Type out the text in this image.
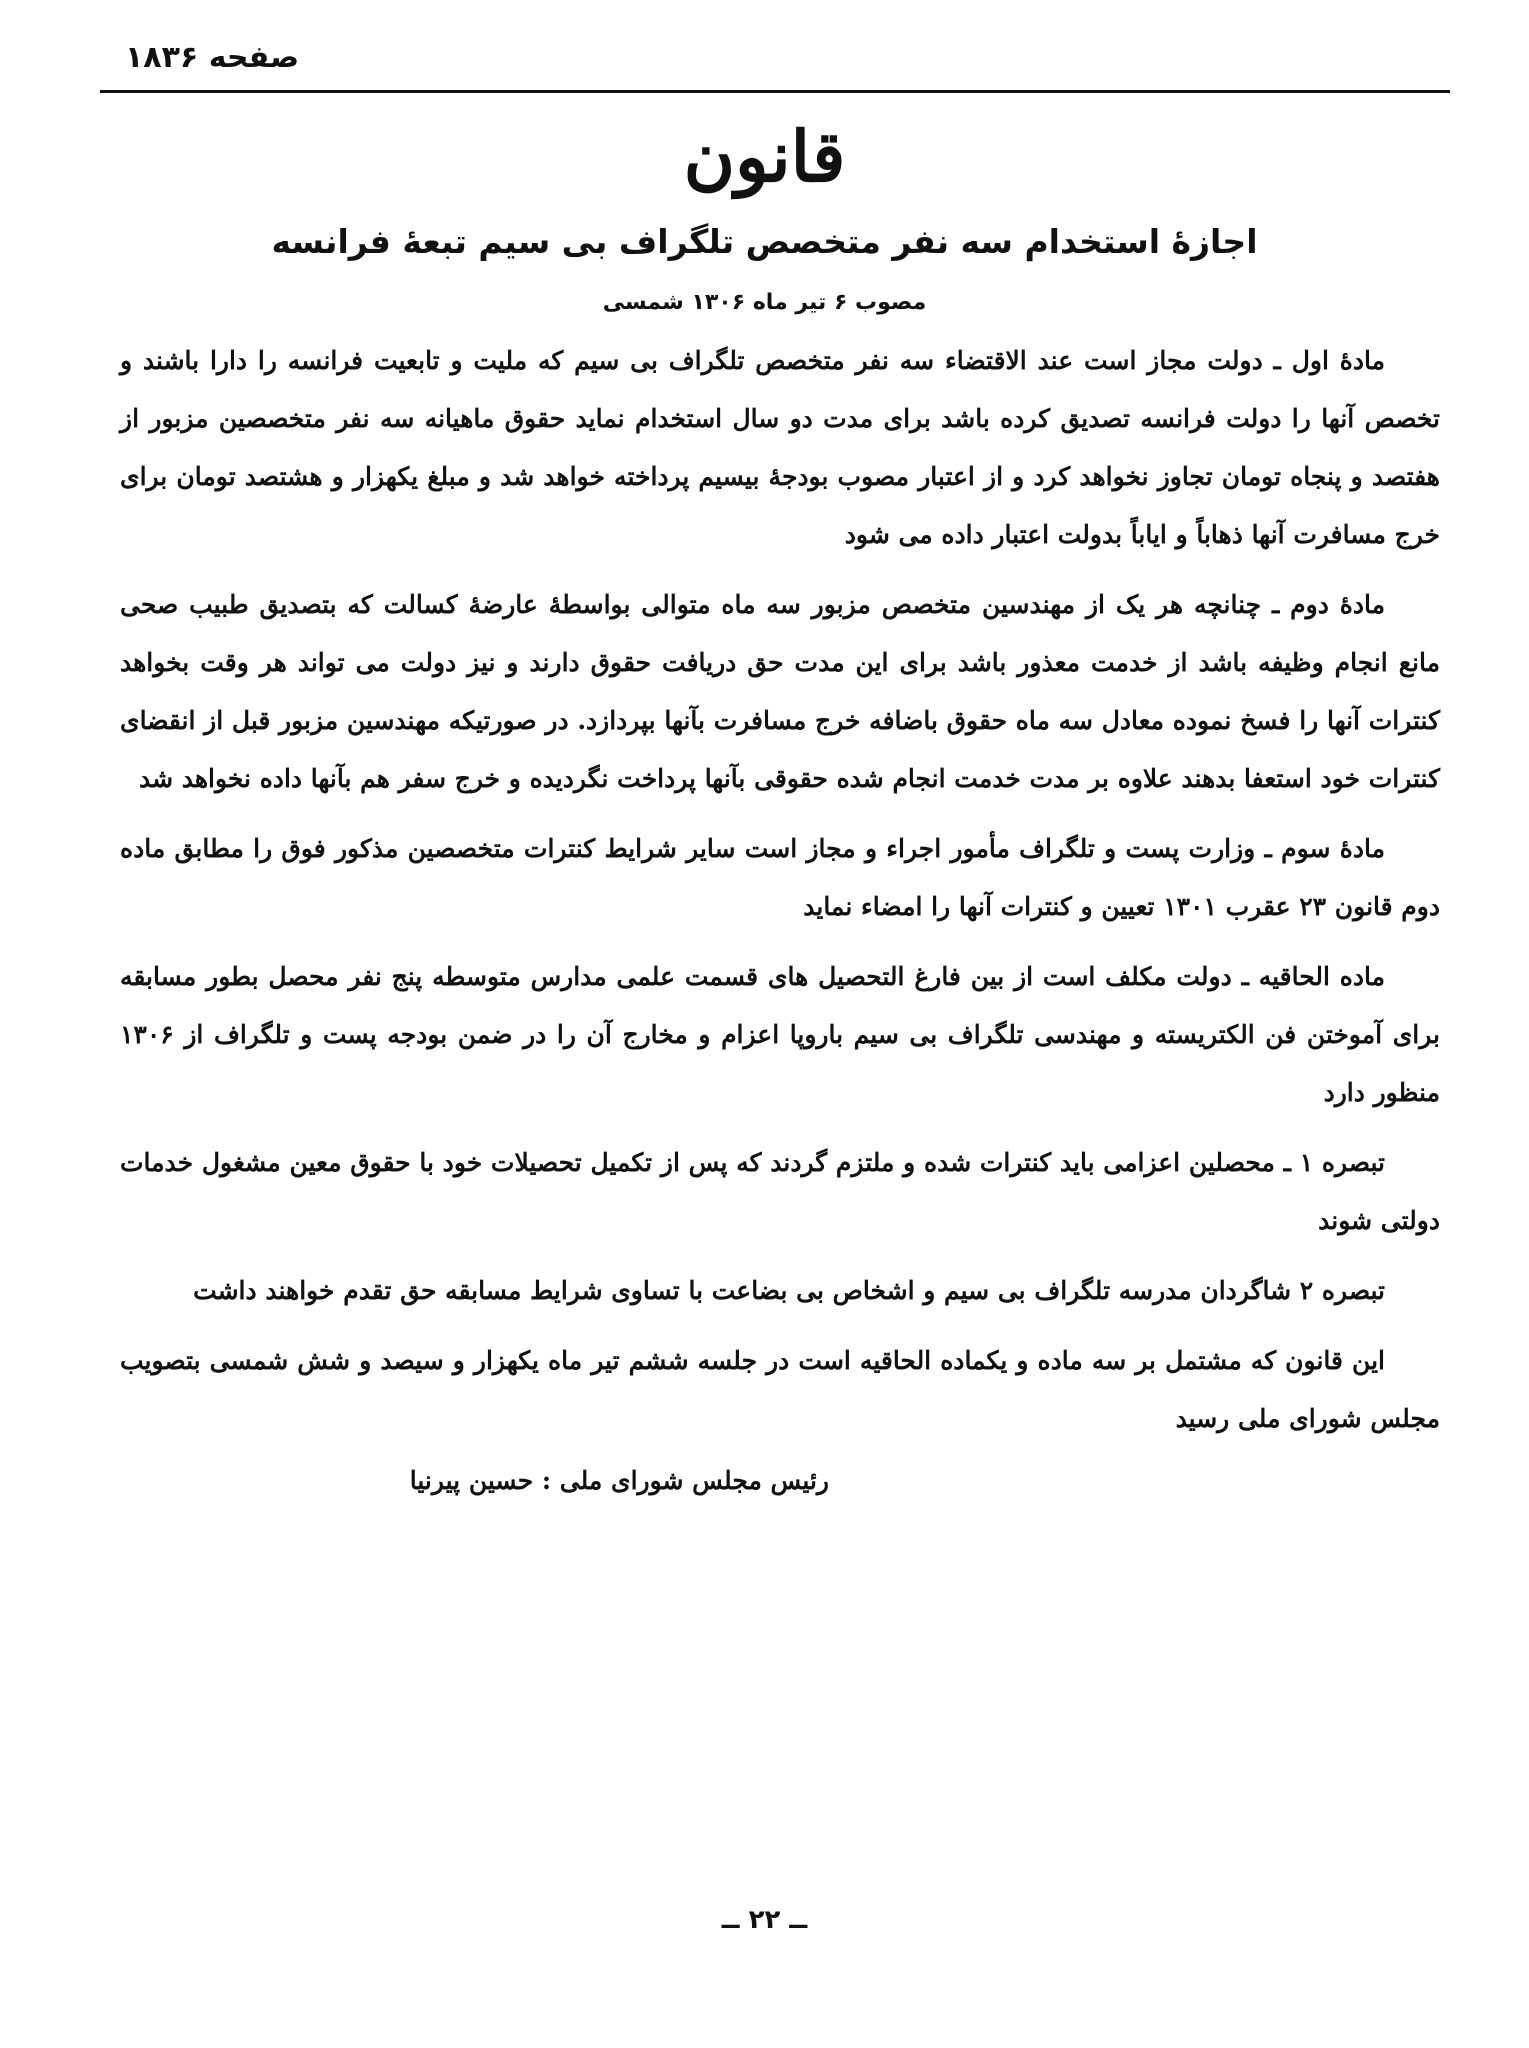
صفحه ۱۸۳۶
قانون
اجازهٔ استخدام سه نفر متخصص تلگراف بی سیم تبعهٔ فرانسه
مصوب ۶ تیر ماه ۱۳۰۶ شمسی

مادهٔ اول ـ دولت مجاز است عند الاقتضاء سه نفر متخصص تلگراف بی سیم که ملیت و تابعیت فرانسه را دارا باشند و تخصص آنها را دولت فرانسه تصدیق کرده باشد برای مدت دو سال استخدام نماید حقوق ماهیانه سه نفر متخصصین مزبور از هفتصد و پنجاه تومان تجاوز نخواهد کرد و از اعتبار مصوب بودجهٔ بیسیم پرداخته خواهد شد و مبلغ یکهزار و هشتصد تومان برای خرج مسافرت آنها ذهاباً و ایاباً بدولت اعتبار داده می شود

مادهٔ دوم ـ چنانچه هر یک از مهندسین متخصص مزبور سه ماه متوالی بواسطهٔ عارضهٔ کسالت که بتصدیق طبیب صحی مانع انجام وظیفه باشد از خدمت معذور باشد برای این مدت حق دریافت حقوق دارند و نیز دولت می تواند هر وقت بخواهد کنترات آنها را فسخ نموده معادل سه ماه حقوق باضافه خرج مسافرت بآنها بپردازد. در صورتیکه مهندسین مزبور قبل از انقضای کنترات خود استعفا بدهند علاوه بر مدت خدمت انجام شده حقوقی بآنها پرداخت نگردیده و خرج سفر هم بآنها داده نخواهد شد

مادهٔ سوم ـ وزارت پست و تلگراف مأمور اجراء و مجاز است سایر شرایط کنترات متخصصین مذکور فوق را مطابق ماده دوم قانون ۲۳ عقرب ۱۳۰۱ تعیین و کنترات آنها را امضاء نماید

ماده الحاقیه ـ دولت مکلف است از بین فارغ التحصیل های قسمت علمی مدارس متوسطه پنج نفر محصل بطور مسابقه برای آموختن فن الکتریسته و مهندسی تلگراف بی سیم باروپا اعزام و مخارج آن را در ضمن بودجه پست و تلگراف از ۱۳۰۶ منظور دارد

تبصره ۱ ـ محصلین اعزامی باید کنترات شده و ملتزم گردند که پس از تکمیل تحصیلات خود با حقوق معین مشغول خدمات دولتی شوند

تبصره ۲ شاگردان مدرسه تلگراف بی سیم و اشخاص بی بضاعت با تساوی شرایط مسابقه حق تقدم خواهند داشت

این قانون که مشتمل بر سه ماده و یکماده الحاقیه است در جلسه ششم تیر ماه یکهزار و سیصد و شش شمسی بتصویب مجلس شورای ملی رسید

رئیس مجلس شورای ملی : حسین پیرنیا
ــ ۲۲ ــ
